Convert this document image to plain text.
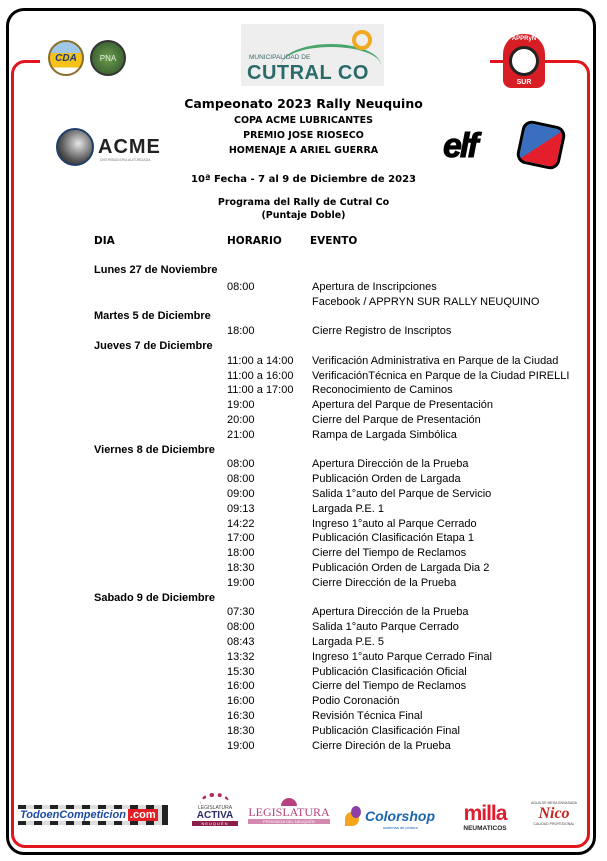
CDA	PNA	MUNICIPALIDAD DE
CUTRAL CO
APPRyN
SUR
Campeonato 2023 Rally Neuquino
COPA ACME LUBRICANTES
PREMIO JOSE RIOSECO
HOMENAJE A ARIEL GUERRA
10ª Fecha - 7 al 9 de Diciembre de 2023
Programa del Rally de Cutral Co
(Puntaje Doble)
ACME
DISTRIBUIDORA AUTORIZADA	elf
DIA	HORARIO	EVENTO
Lunes 27 de Noviembre
08:00	Apertura de Inscripciones
Facebook / APPRYN SUR RALLY NEUQUINO
Martes 5 de Diciembre
18:00	Cierre Registro de Inscriptos
Jueves 7 de Diciembre
11:00 a 14:00 Verificación Administrativa en Parque de la Ciudad
11:00 a 16:00 VerificaciónTécnica en Parque de la Ciudad PIRELLI
11:00 a 17:00 Reconocimiento de Caminos
19:00	Apertura del Parque de Presentación
20:00	Cierre del Parque de Presentación
21:00	Rampa de Largada Simbólica
Viernes 8 de Diciembre
08:00	Apertura Dirección de la Prueba
08:00	Publicación Orden de Largada
09:00	Salida 1°auto del Parque de Servicio
09:13	Largada P.E. 1
14:22	Ingreso 1°auto al Parque Cerrado
17:00	Publicación Clasificación Etapa 1
18:00	Cierre del Tiempo de Reclamos
18:30	Publicación Orden de Largada Dia 2
19:00	Cierre Dirección de la Prueba
Sabado 9 de Diciembre
07:30	Apertura Dirección de la Prueba
08:00	Salida 1°auto Parque Cerrado
08:43	Largada P.E. 5
13:32	Ingreso 1°auto Parque Cerrado Final
15:30	Publicación Clasificación Oficial
16:00	Cierre del Tiempo de Reclamos
16:00	Podio Coronación
16:30	Revisión Técnica Final
18:30	Publicación Clasificación Final
19:00	Cierre Direción de la Prueba
TodoenCompeticion .com
LEGISLATURA
ACTIVA
NEUQUÉN
LEGISLATURA
PROVINCIA DEL NEUQUÉN	Colorshop
sistemas de pintura
milla
NEUMATICOS
AGUA DE MESA ENVASADA
Nico
CALIDAD PROFESIONAL
